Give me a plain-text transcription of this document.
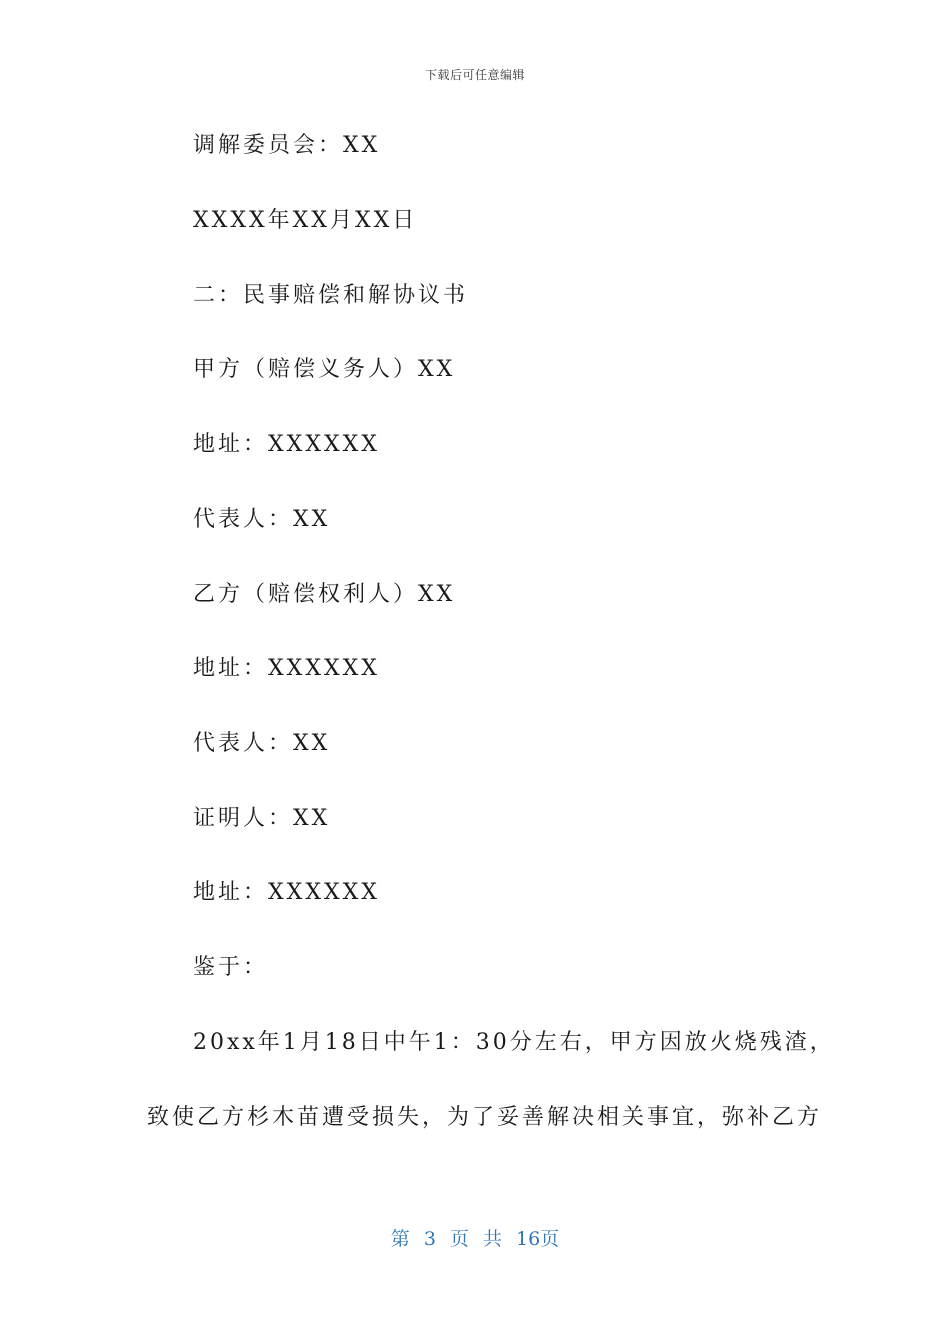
下载后可任意编辑
调解委员会：XX
XXXX年XX月XX日
二：民事赔偿和解协议书
甲方（赔偿义务人）XX
地址：XXXXXX
代表人：XX
乙方（赔偿权利人）XX
地址：XXXXXX
代表人：XX
证明人：XX
地址：XXXXXX
鉴于：
20xx年1月18日中午1：30分左右，甲方因放火烧残渣，
致使乙方杉木苗遭受损失，为了妥善解决相关事宜，弥补乙方
第 3 页 共 16页
